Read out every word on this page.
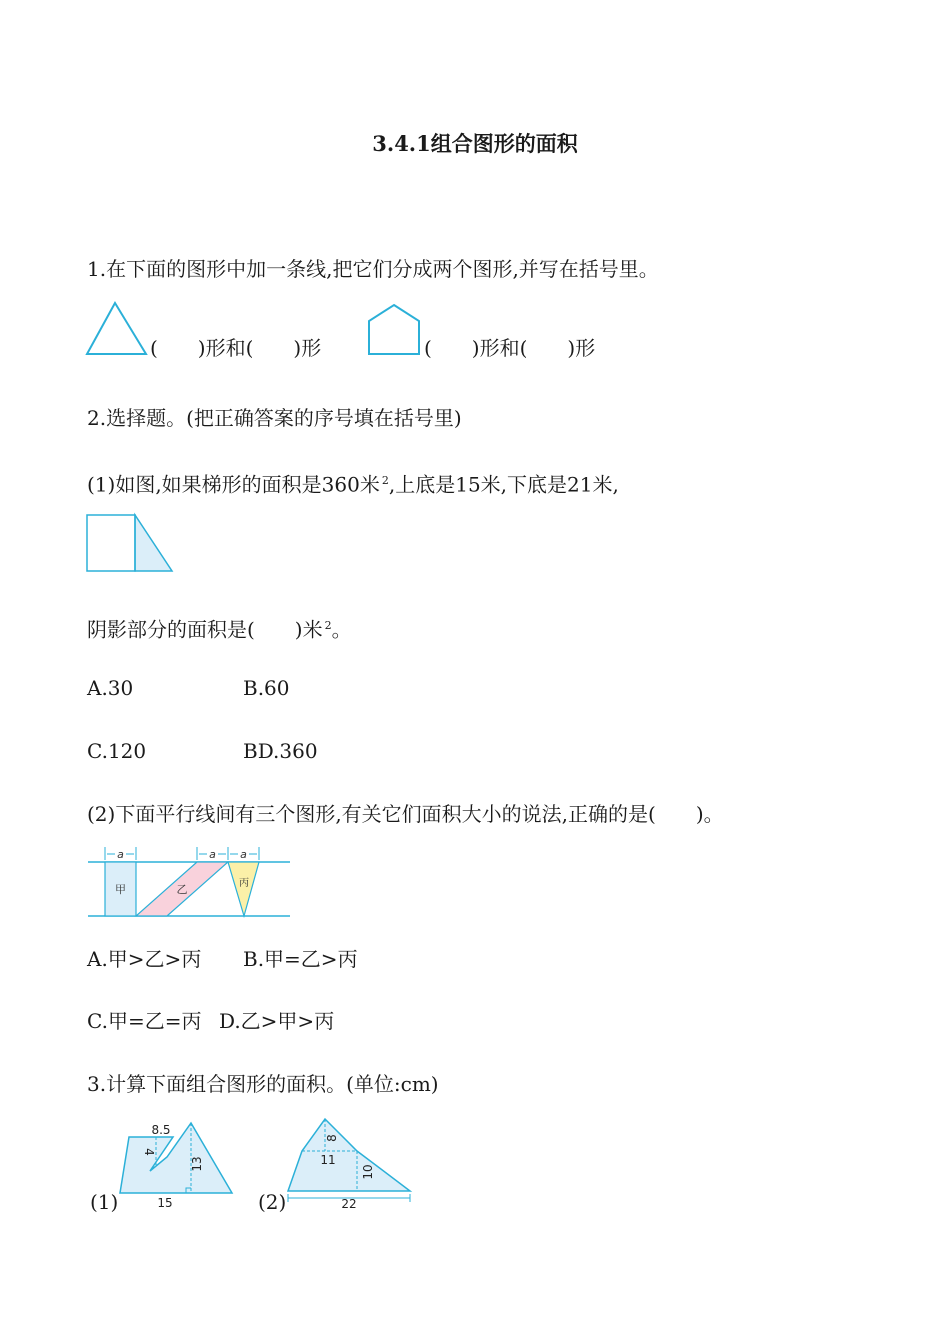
3.4.1组合图形的面积
1.在下面的图形中加一条线,把它们分成两个图形,并写在括号里。
(　　)形和(　　)形	(　　)形和(　　)形
2.选择题。(把正确答案的序号填在括号里)
(1)如图,如果梯形的面积是360米 $^2$,上底是15米,下底是21米,
阴影部分的面积是(　　)米 $^2$。
A.30	B.60
C.120	BD.360
(2)下面平行线间有三个图形,有关它们面积大小的说法,正确的是(　　)。
a	a a
甲	乙	丙
A.甲>乙>丙 B.甲=乙>丙
C.甲=乙=丙 D.乙>甲>丙
3.计算下面组合图形的面积。(单位:cm)
(1)
8.5
4
13
15	(2)
8
11
10
22
